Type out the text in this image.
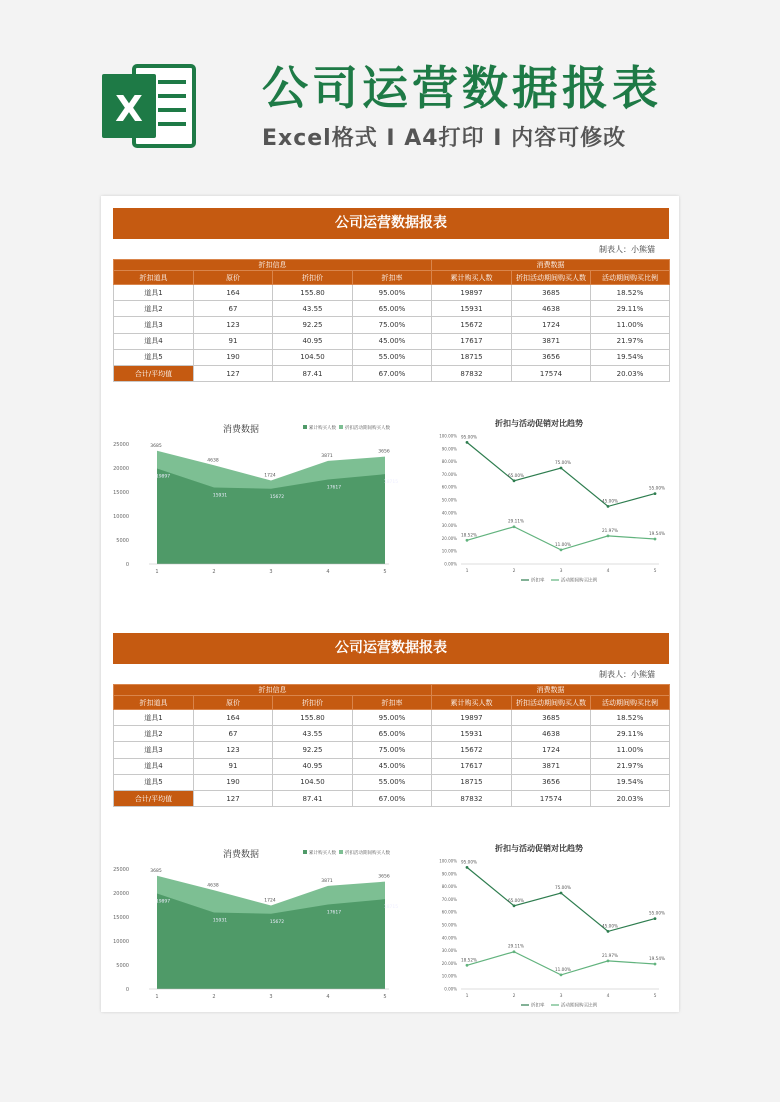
X	公司运营数据报表
Excel格式 I A4打印 I 内容可修改
公司运营数据报表
制表人：小熊猫
折扣信息				消费数据		
折扣道具	原价	折扣价	折扣率	累计购买人数	折扣活动期间购买人数	活动期间购买比例
道具1	164	155.80	95.00%	19897	3685	18.52%
道具2	67	43.55	65.00%	15931	4638	29.11%
道具3	123	92.25	75.00%	15672	1724	11.00%
道具4	91	40.95	45.00%	17617	3871	21.97%
道具5	190	104.50	55.00%	18715	3656	19.54%
合计/平均值	127	87.41	67.00%	87832	17574	20.03%
消费数据	累计购买人数 折扣活动期间购买人数
0
5000
10000
15000
20000
25000
1	2	3	4	5
3685
4638
1724
3871
3656
19897
15931	15672
17617
18715
折扣与活动促销对比趋势
0.00%
10.00%
20.00%
30.00%
40.00%
50.00%
60.00%
70.00%
80.00%
90.00%
100.00% 95.00%
65.00%
75.00%
45.00%
55.00%
18.52%
29.11%
11.00%
21.97%
19.54%
1	2	3	4	5
折扣率	活动期间购买比例
公司运营数据报表
制表人：小熊猫
折扣信息				消费数据		
折扣道具	原价	折扣价	折扣率	累计购买人数	折扣活动期间购买人数	活动期间购买比例
道具1	164	155.80	95.00%	19897	3685	18.52%
道具2	67	43.55	65.00%	15931	4638	29.11%
道具3	123	92.25	75.00%	15672	1724	11.00%
道具4	91	40.95	45.00%	17617	3871	21.97%
道具5	190	104.50	55.00%	18715	3656	19.54%
合计/平均值	127	87.41	67.00%	87832	17574	20.03%
消费数据	累计购买人数 折扣活动期间购买人数
0
5000
10000
15000
20000
25000
1	2	3	4	5
3685
4638
1724
3871
3656
19897
15931	15672
17617
18715
折扣与活动促销对比趋势
0.00%
10.00%
20.00%
30.00%
40.00%
50.00%
60.00%
70.00%
80.00%
90.00%
100.00% 95.00%
65.00%
75.00%
45.00%
55.00%
18.52%
29.11%
11.00%
21.97%
19.54%
1	2	3	4	5
折扣率	活动期间购买比例
